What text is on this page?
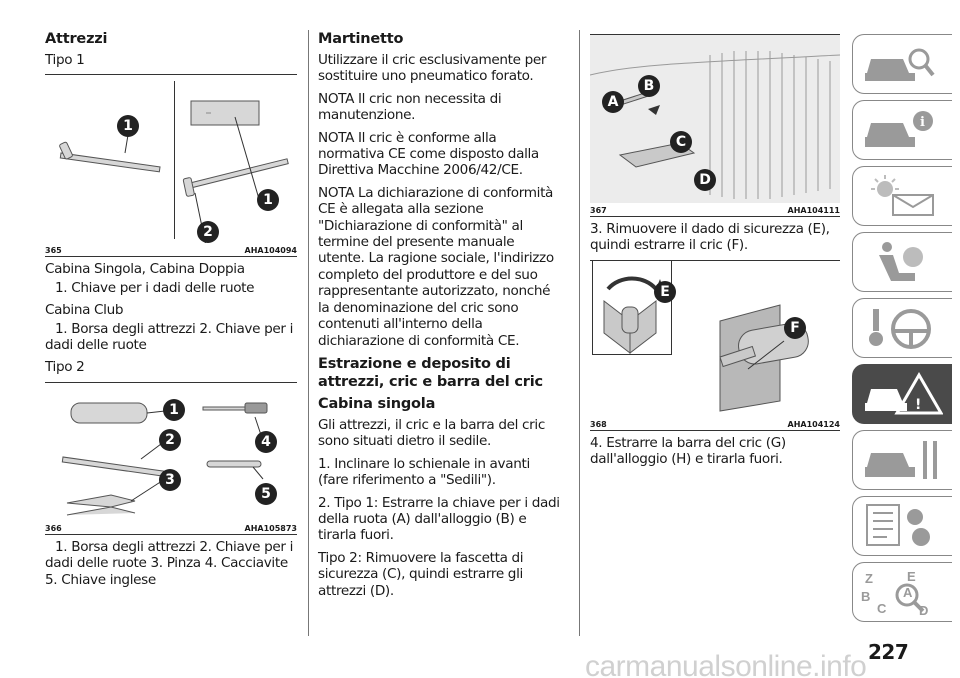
Attrezzi

Tipo 1

1
1
2
365	AHA104094

Cabina Singola, Cabina Doppia

1. Chiave per i dadi delle ruote

Cabina Club

1. Borsa degli attrezzi 2. Chiave per i dadi delle ruote

Tipo 2

1
2
3
4
5
366	AHA105873

1. Borsa degli attrezzi 2. Chiave per i dadi delle ruote 3. Pinza 4. Cacciavite 5. Chiave inglese

Martinetto

Utilizzare il cric esclusivamente per sostituire uno pneumatico forato.

NOTA Il cric non necessita di manutenzione.

NOTA Il cric è conforme alla normativa CE come disposto dalla Direttiva Macchine 2006/42/CE.

NOTA La dichiarazione di conformità CE è allegata alla sezione "Dichiarazione di conformità" al termine del presente manuale utente. La ragione sociale, l'indirizzo completo del produttore e del suo rappresentante autorizzato, nonché la denominazione del cric sono contenuti all'interno della dichiarazione di conformità CE.

Estrazione e deposito di attrezzi, cric e barra del cric
Cabina singola

Gli attrezzi, il cric e la barra del cric sono situati dietro il sedile.

1. Inclinare lo schienale in avanti (fare riferimento a "Sedili").

2. Tipo 1: Estrarre la chiave per i dadi della ruota (A) dall'alloggio (B) e tirarla fuori.

Tipo 2: Rimuovere la fascetta di sicurezza (C), quindi estrarre gli attrezzi (D).

A
B
C
D
367	AHA104111

3. Rimuovere il dado di sicurezza (E), quindi estrarre il cric (F).

E
F
368	AHA104124

4. Estrarre la barra del cric (G) dall'alloggio (H) e tirarla fuori.

i
!
Z	E
A
B
C	D
227
carmanualsonline.info
